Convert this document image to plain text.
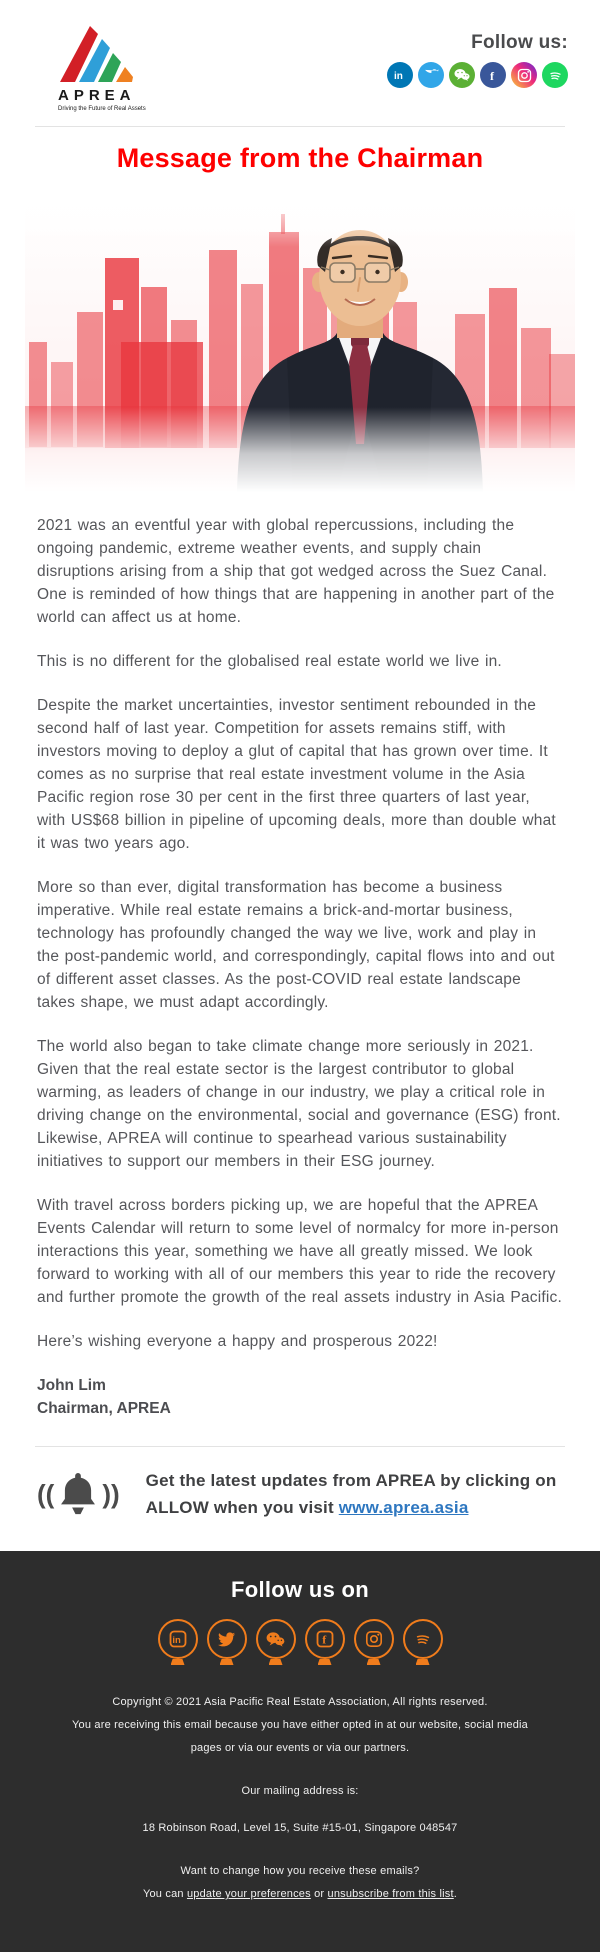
APREA
Driving the Future of Real Assets
Follow us:
in	f
Message from the Chairman

2021 was an eventful year with global repercussions, including the ongoing pandemic, extreme weather events, and supply chain disruptions arising from a ship that got wedged across the Suez Canal. One is reminded of how things that are happening in another part of the world can affect us at home.

This is no different for the globalised real estate world we live in.

Despite the market uncertainties, investor sentiment rebounded in the second half of last year. Competition for assets remains stiff, with investors moving to deploy a glut of capital that has grown over time. It comes as no surprise that real estate investment volume in the Asia Pacific region rose 30 per cent in the first three quarters of last year, with US$68 billion in pipeline of upcoming deals, more than double what it was two years ago.

More so than ever, digital transformation has become a business imperative. While real estate remains a brick-and-mortar business, technology has profoundly changed the way we live, work and play in the post-pandemic world, and correspondingly, capital flows into and out of different asset classes. As the post-COVID real estate landscape takes shape, we must adapt accordingly.

The world also began to take climate change more seriously in 2021. Given that the real estate sector is the largest contributor to global warming, as leaders of change in our industry, we play a critical role in driving change on the environmental, social and governance (ESG) front. Likewise, APREA will continue to spearhead various sustainability initiatives to support our members in their ESG journey.

With travel across borders picking up, we are hopeful that the APREA Events Calendar will return to some level of normalcy for more in-person interactions this year, something we have all greatly missed. We look forward to working with all of our members this year to ride the recovery and further promote the growth of the real assets industry in Asia Pacific.

Here’s wishing everyone a happy and prosperous 2022!

John Lim
Chairman, APREA
(( )) Get the latest updates from APREA by clicking on ALLOW when you visit www.aprea.asia

Follow us on
in	f
Copyright © 2021 Asia Pacific Real Estate Association, All rights reserved.
You are receiving this email because you have either opted in at our website, social media pages or via our events or via our partners.
Our mailing address is:
18 Robinson Road, Level 15, Suite #15-01, Singapore 048547
Want to change how you receive these emails?
You can update your preferences or unsubscribe from this list.
